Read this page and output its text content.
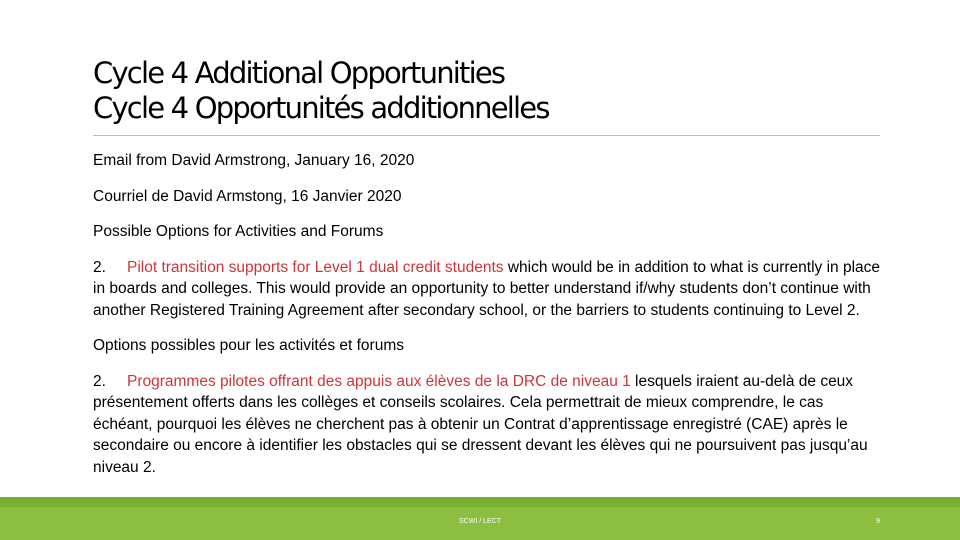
Cycle 4 Additional Opportunities
Cycle 4 Opportunités additionnelles

Email from David Armstrong, January 16, 2020

Courriel de David Armstong, 16 Janvier 2020

Possible Options for Activities and Forums

2. Pilot transition supports for Level 1 dual credit students which would be in addition to what is currently in place in boards and colleges. This would provide an opportunity to better understand if/why students don’t continue with another Registered Training Agreement after secondary school, or the barriers to students continuing to Level 2.

Options possibles pour les activités et forums

2. Programmes pilotes offrant des appuis aux élèves de la DRC de niveau 1 lesquels iraient au-delà de ceux présentement offerts dans les collèges et conseils scolaires. Cela permettrait de mieux comprendre, le cas échéant, pourquoi les élèves ne cherchent pas à obtenir un Contrat d’apprentissage enregistré (CAE) après le secondaire ou encore à identifier les obstacles qui se dressent devant les élèves qui ne poursuivent pas jusqu’au niveau 2.

SCWI / LECT	9
